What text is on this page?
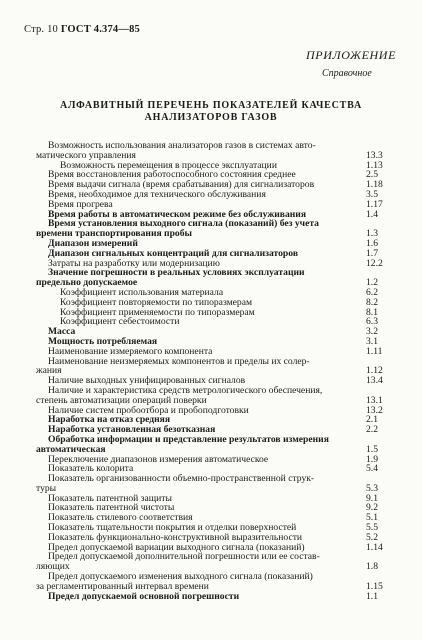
Стр. 10 ГОСТ 4.374—85
ПРИЛОЖЕНИЕ
Справочное
АЛФАВИТНЫЙ ПЕРЕЧЕНЬ ПОКАЗАТЕЛЕЙ КАЧЕСТВА
АНАЛИЗАТОРОВ ГАЗОВ
Возможность использования анализаторов газов в системах авто-
матического управления	13.3
Возможность перемещения в процессе эксплуатации	1.13
Время восстановления работоспособного состояния среднее	2.5
Время выдачи сигнала (время срабатывания) для сигнализаторов	1.18
Время, необходимое для технического обслуживания	3.5
Время прогрева	1.17
Время работы в автоматическом режиме без обслуживания	1.4
Время установления выходного сигнала (показаний) без учета
времени транспортирования пробы	1.3
Диапазон измерений	1.6
Диапазон сигнальных концентраций для сигнализаторов	1.7
Затраты на разработку или модернизацию	12.2
Значение погрешности в реальных условиях эксплуатации
предельно допускаемое	1.2
Коэффициент использования материала	6.2
Коэффициент повторяемости по типоразмерам	8.2
Коэффициент применяемости по типоразмерам	8.1
Коэффициент себестоимости	6.3
Масса	3.2
Мощность потребляемая	3.1
Наименование измеряемого компонента	1.11
Наименование неизмеряемых компонентов и пределы их солер-
жания	1.12
Наличие выходных унифицированных сигналов	13.4
Наличие и характеристика средств метрологического обеспечения,
степень автоматизации операций поверки	13.1
Наличие систем пробоотбора и пробоподготовки	13.2
Наработка на отказ средняя	2.1
Наработка установленная безотказная	2.2
Обработка информации и представление результатов измерения
автоматическая	1.5
Переключение диапазонов измерения автоматическое	1.9
Показатель колорита	5.4
Показатель организованности объемно-пространственной струк-
туры	5.3
Показатель патентной защиты	9.1
Показатель патентной чистоты	9.2
Показатель стилевого соответствия	5.1
Показатель тщательности покрытия и отделки поверхностей	5.5
Показатель функционально-конструктивной выразительности	5.2
Предел допускаемой вариации выходного сигнала (показаний)	1.14
Предел допускаемой дополнительной погрешности или ее состав-
ляющих	1.8
Предел допускаемого изменения выходного сигнала (показаний)
за регламентированный интервал времени	1.15
Предел допускаемой основной погрешности	1.1
